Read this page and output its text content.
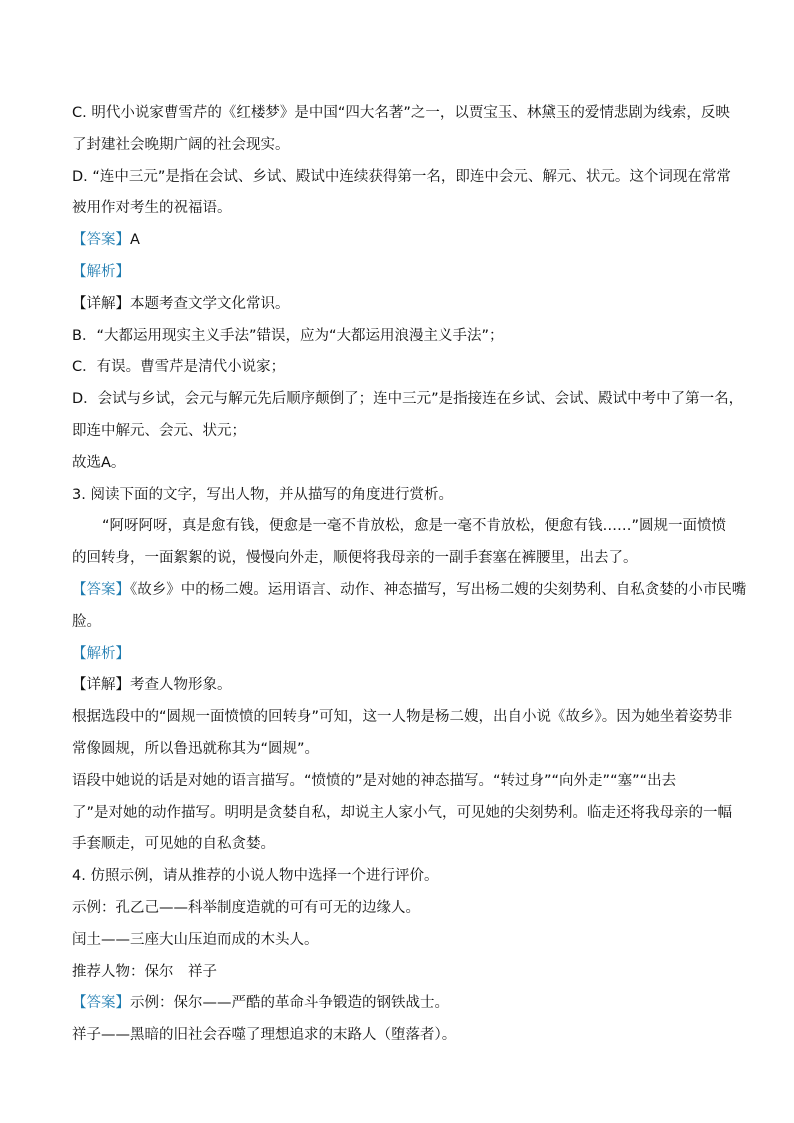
C. 明代小说家曹雪芹的《红楼梦》是中国“四大名著”之一，以贾宝玉、林黛玉的爱情悲剧为线索，反映
了封建社会晚期广阔的社会现实。
D. “连中三元”是指在会试、乡试、殿试中连续获得第一名，即连中会元、解元、状元。这个词现在常常
被用作对考生的祝福语。
【答案】A
【解析】
【详解】本题考查文学文化常识。
B．“大都运用现实主义手法”错误，应为“大都运用浪漫主义手法”；
C．有误。曹雪芹是清代小说家；
D．会试与乡试，会元与解元先后顺序颠倒了；连中三元”是指接连在乡试、会试、殿试中考中了第一名，
即连中解元、会元、状元；
故选A。
3. 阅读下面的文字，写出人物，并从描写的角度进行赏析。
“阿呀阿呀，真是愈有钱，便愈是一毫不肯放松，愈是一毫不肯放松，便愈有钱……”圆规一面愤愤
的回转身，一面絮絮的说，慢慢向外走，顺便将我母亲的一副手套塞在裤腰里，出去了。
【答案】《故乡》中的杨二嫂。运用语言、动作、神态描写，写出杨二嫂的尖刻势利、自私贪婪的小市民嘴
脸。
【解析】
【详解】考查人物形象。
根据选段中的“圆规一面愤愤的回转身”可知，这一人物是杨二嫂，出自小说《故乡》。因为她坐着姿势非
常像圆规，所以鲁迅就称其为“圆规”。
语段中她说的话是对她的语言描写。“愤愤的”是对她的神态描写。“转过身”“向外走”“塞”“出去
了”是对她的动作描写。明明是贪婪自私，却说主人家小气，可见她的尖刻势利。临走还将我母亲的一幅
手套顺走，可见她的自私贪婪。
4. 仿照示例，请从推荐的小说人物中选择一个进行评价。
示例：孔乙己——科举制度造就的可有可无的边缘人。
闰土——三座大山压迫而成的木头人。
推荐人物：保尔　祥子
【答案】示例：保尔——严酷的革命斗争锻造的钢铁战士。
祥子——黑暗的旧社会吞噬了理想追求的末路人（堕落者）。
